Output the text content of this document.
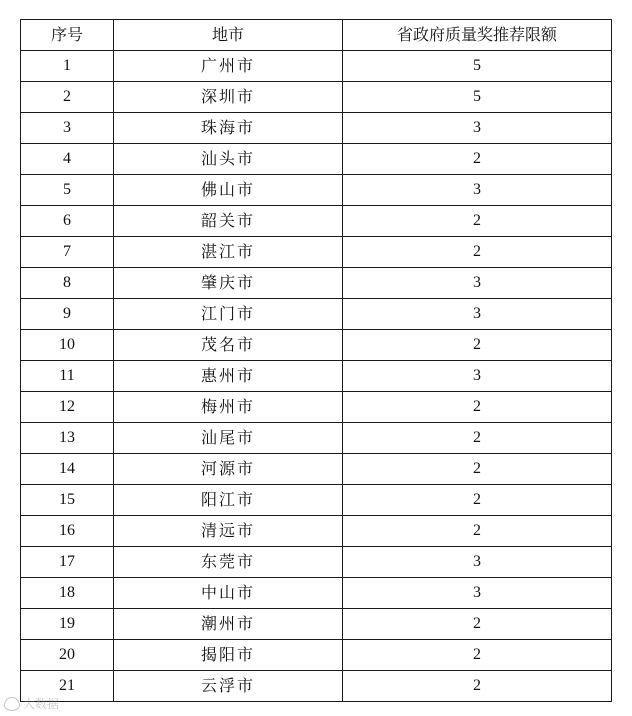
序号	地市	省政府质量奖推荐限额
1	广州市	5
2	深圳市	5
3	珠海市	3
4	汕头市	2
5	佛山市	3
6	韶关市	2
7	湛江市	2
8	肇庆市	3
9	江门市	3
10	茂名市	2
11	惠州市	3
12	梅州市	2
13	汕尾市	2
14	河源市	2
15	阳江市	2
16	清远市	2
17	东莞市	3
18	中山市	3
19	潮州市	2
20	揭阳市	2
21	云浮市	2
大数据
